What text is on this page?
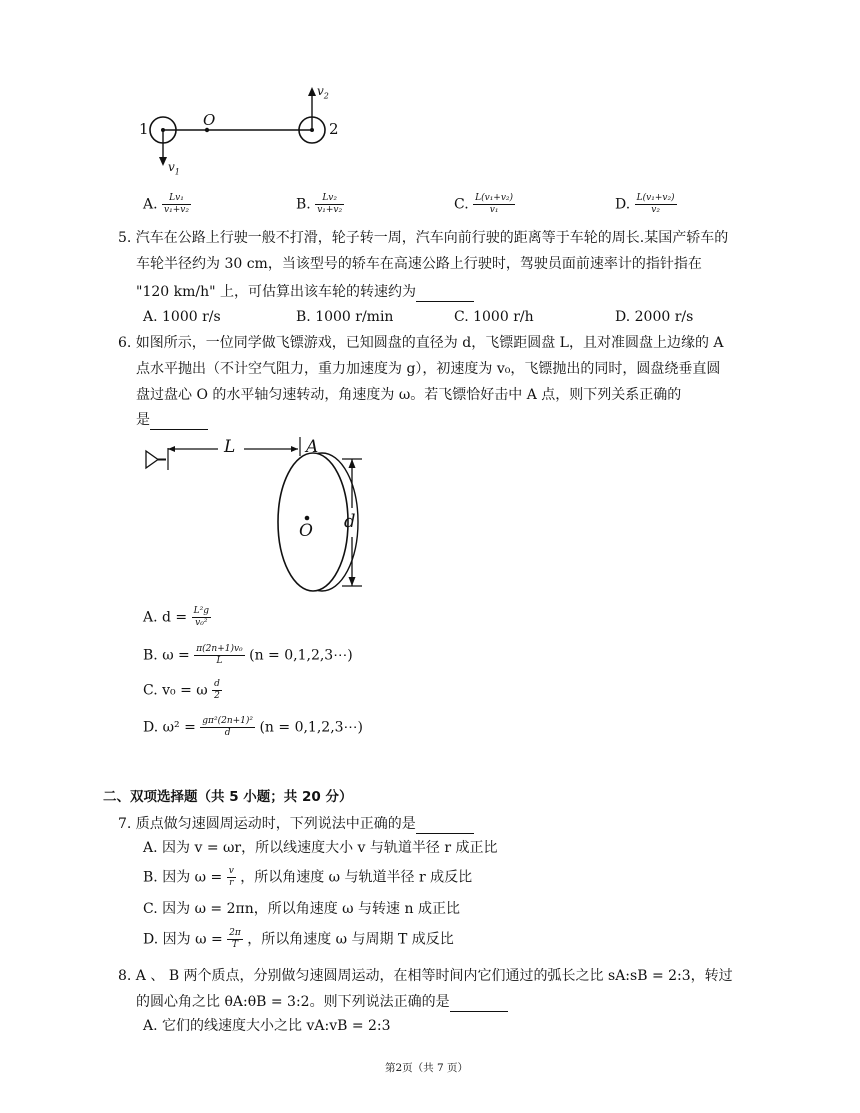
1	2
O
$v_1$
$v_2$
A. $\frac{\text{Lv₁}}{\text{v₁+v₂}}$	B. $\frac{\text{Lv₂}}{\text{v₁+v₂}}$	C. $\frac{\text{L(v₁+v₂)}}{\text{v₁}}$	D. $\frac{\text{L(v₁+v₂)}}{\text{v₂}}$
5. 汽车在公路上行驶一般不打滑，轮子转一周，汽车向前行驶的距离等于车轮的周长.某国产轿车的
车轮半径约为 30 cm，当该型号的轿车在高速公路上行驶时，驾驶员面前速率计的指针指在
"120 km/h" 上，可估算出该车轮的转速约为
A. 1000 r/s	B. 1000 r/min	C. 1000 r/h	D. 2000 r/s
6. 如图所示，一位同学做飞镖游戏，已知圆盘的直径为 d，飞镖距圆盘 L，且对准圆盘上边缘的 A
点水平抛出（不计空气阻力，重力加速度为 g），初速度为 v₀，飞镖抛出的同时，圆盘绕垂直圆
盘过盘心 O 的水平轴匀速转动，角速度为 ω。若飞镖恰好击中 A 点，则下列关系正确的
是
L	A
O d
A. $d = \frac{\text{L²g}}{\text{v₀²}}$
B. $\omega = \frac{\text{π(2n+1)v₀}}{L} (n$ = 0,1,2,3⋯)
C. v₀ = ω $\frac{d}{2}$
D. $\omega^2 = \frac{\text{gπ²(2n+1)²}}{d} (n$ = 0,1,2,3⋯)
二、双项选择题（共 5 小题；共 20 分）
7. 质点做匀速圆周运动时，下列说法中正确的是
A. 因为 v = ωr，所以线速度大小 v 与轨道半径 r 成正比
B. 因为 $\omega = \frac{v}{r}$ ，所以角速度 ω 与轨道半径 r 成反比
C. 因为 ω = 2πn，所以角速度 ω 与转速 n 成正比
D. 因为 $\omega = \frac{2\pi}{T}$ ，所以角速度 ω 与周期 T 成反比
8. A 、 B 两个质点，分别做匀速圆周运动，在相等时间内它们通过的弧长之比 sA:sB = 2:3，转过
的圆心角之比 θA:θB = 3:2。则下列说法正确的是
A. 它们的线速度大小之比 vA:vB = 2:3
第2页（共 7 页）
